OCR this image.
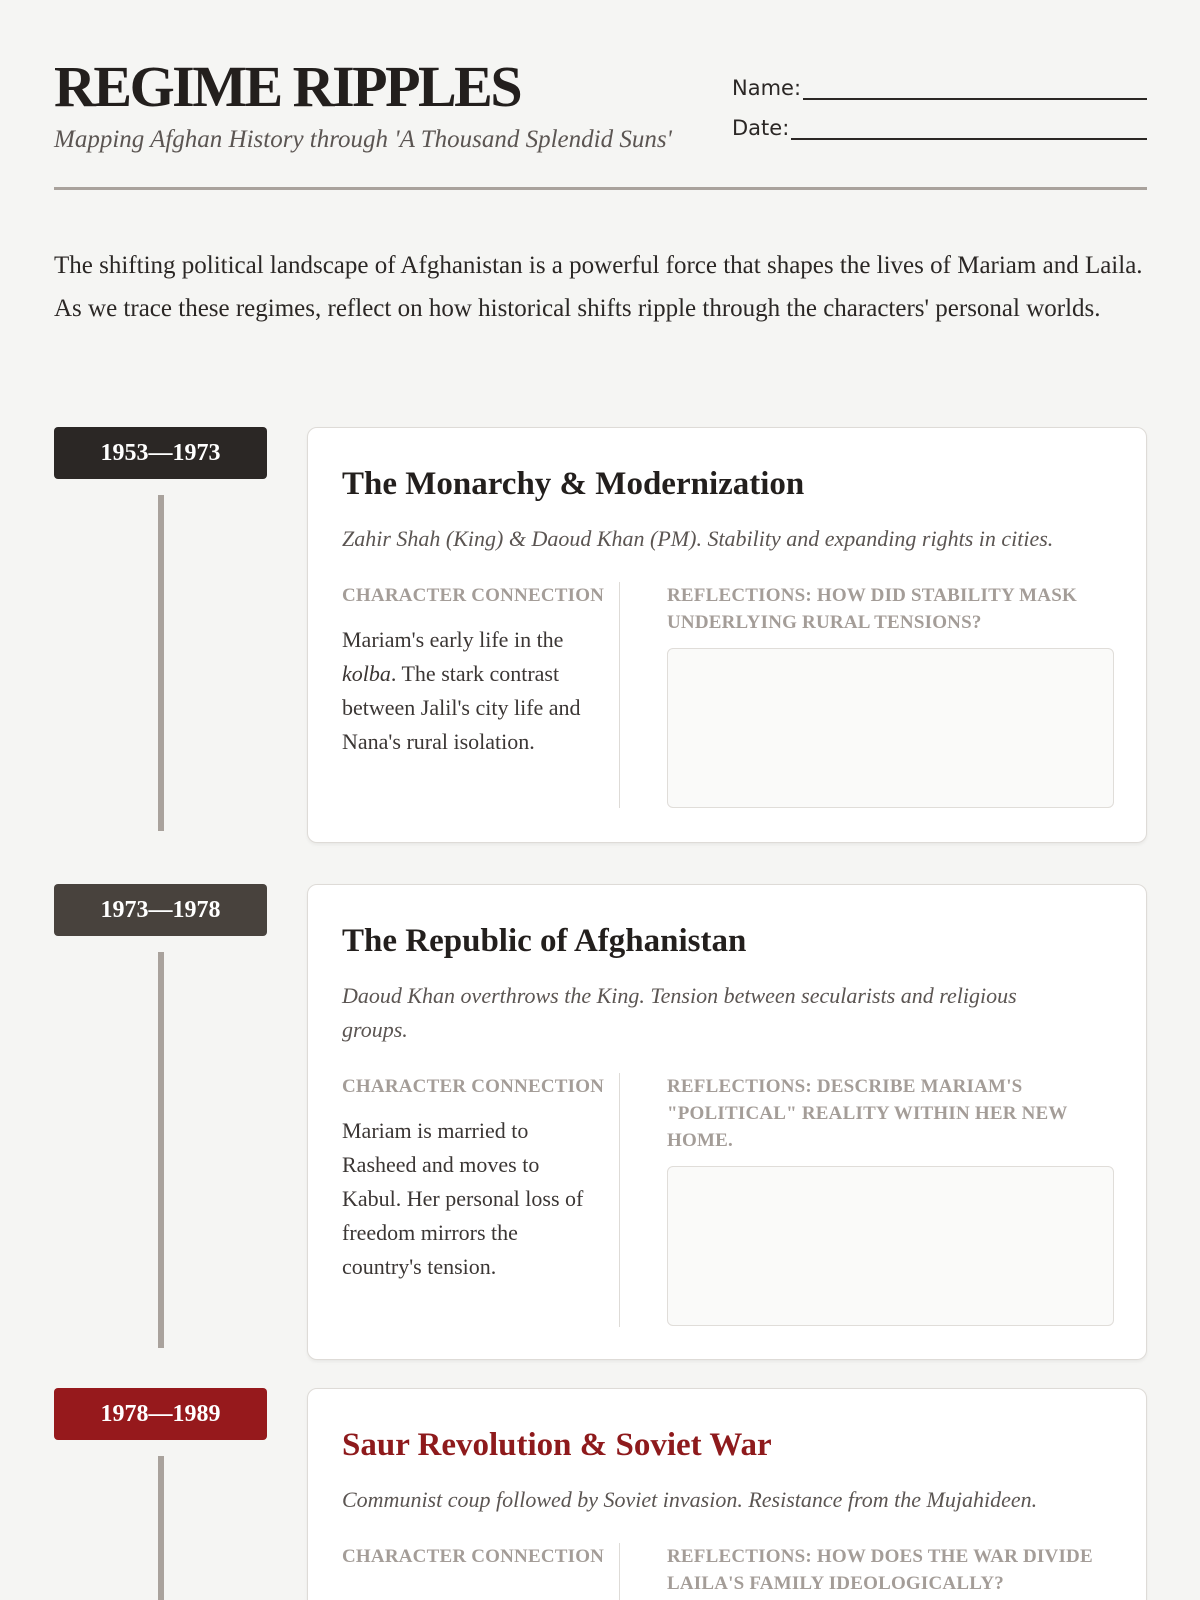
REGIME RIPPLES
Mapping Afghan History through 'A Thousand Splendid Suns'
Name:
Date:

The shifting political landscape of Afghanistan is a powerful force that shapes the lives of Mariam and Laila. As we trace these regimes, reflect on how historical shifts ripple through the characters' personal worlds.

1953—1973
The Monarchy & Modernization
Zahir Shah (King) & Daoud Khan (PM). Stability and expanding rights in cities.
CHARACTER CONNECTION
Mariam's early life in the kolba. The stark contrast between Jalil's city life and Nana's rural isolation.
REFLECTIONS: HOW DID STABILITY MASK UNDERLYING RURAL TENSIONS?
1973—1978
The Republic of Afghanistan
Daoud Khan overthrows the King. Tension between secularists and religious groups.
CHARACTER CONNECTION
Mariam is married to Rasheed and moves to Kabul. Her personal loss of freedom mirrors the country's tension.
REFLECTIONS: DESCRIBE MARIAM'S "POLITICAL" REALITY WITHIN HER NEW HOME.
1978—1989
Saur Revolution & Soviet War
Communist coup followed by Soviet invasion. Resistance from the Mujahideen.
CHARACTER CONNECTION	REFLECTIONS: HOW DOES THE WAR DIVIDE LAILA'S FAMILY IDEOLOGICALLY?
